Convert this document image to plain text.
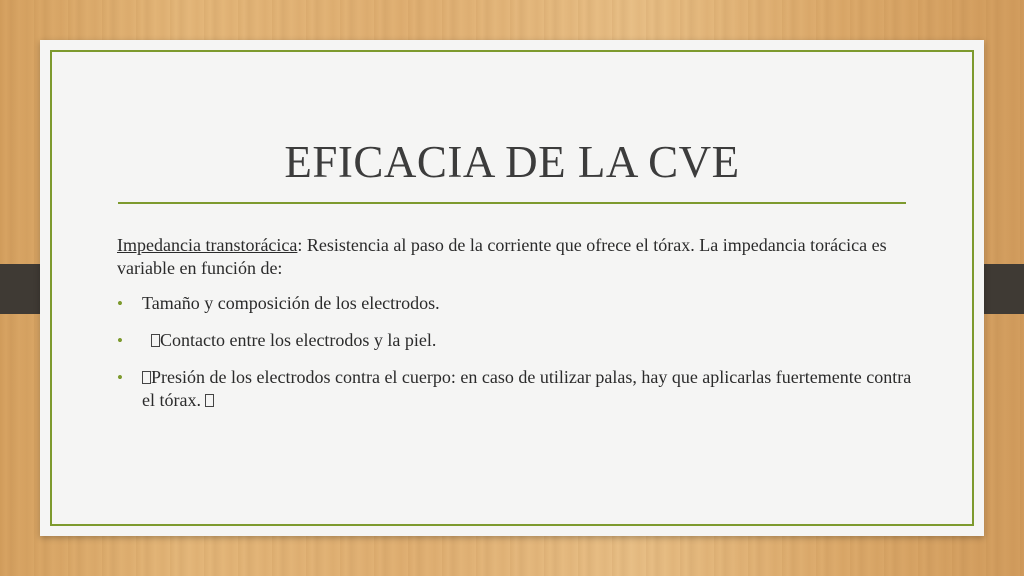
EFICACIA DE LA CVE

Impedancia transtorácica: Resistencia al paso de la corriente que ofrece el tórax. La impedancia torácica es variable en función de:

• Tamaño y composición de los electrodos.
• Contacto entre los electrodos y la piel.
• Presión de los electrodos contra el cuerpo: en caso de utilizar palas, hay que aplicarlas fuertemente contra el tórax.
